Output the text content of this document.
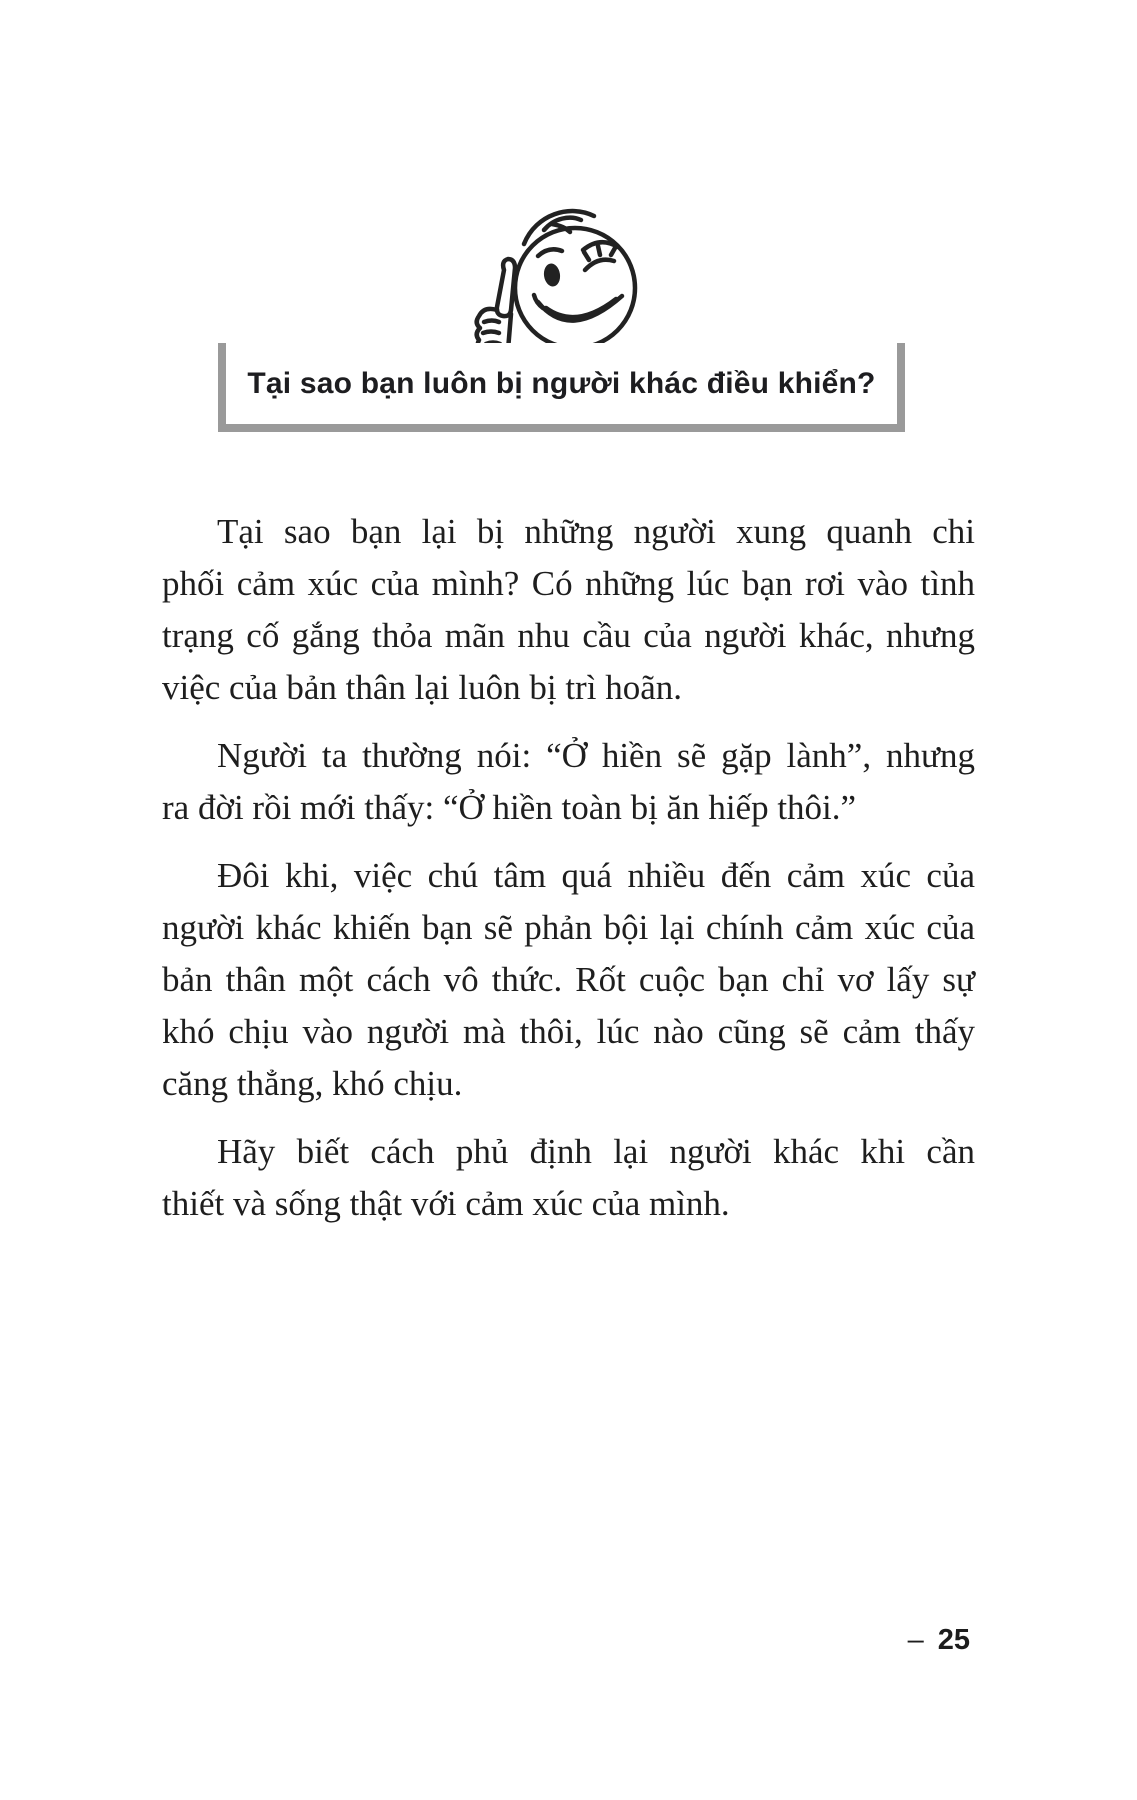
Tại sao bạn luôn bị người khác điều khiển?
Tại sao bạn lại bị những người xung quanh chi
phối cảm xúc của mình? Có những lúc bạn rơi vào tình
trạng cố gắng thỏa mãn nhu cầu của người khác, nhưng
việc của bản thân lại luôn bị trì hoãn.
Người ta thường nói: “Ở hiền sẽ gặp lành”, nhưng
ra đời rồi mới thấy: “Ở hiền toàn bị ăn hiếp thôi.”
Đôi khi, việc chú tâm quá nhiều đến cảm xúc của
người khác khiến bạn sẽ phản bội lại chính cảm xúc của
bản thân một cách vô thức. Rốt cuộc bạn chỉ vơ lấy sự
khó chịu vào người mà thôi, lúc nào cũng sẽ cảm thấy
căng thẳng, khó chịu.
Hãy biết cách phủ định lại người khác khi cần
thiết và sống thật với cảm xúc của mình.
– 25
